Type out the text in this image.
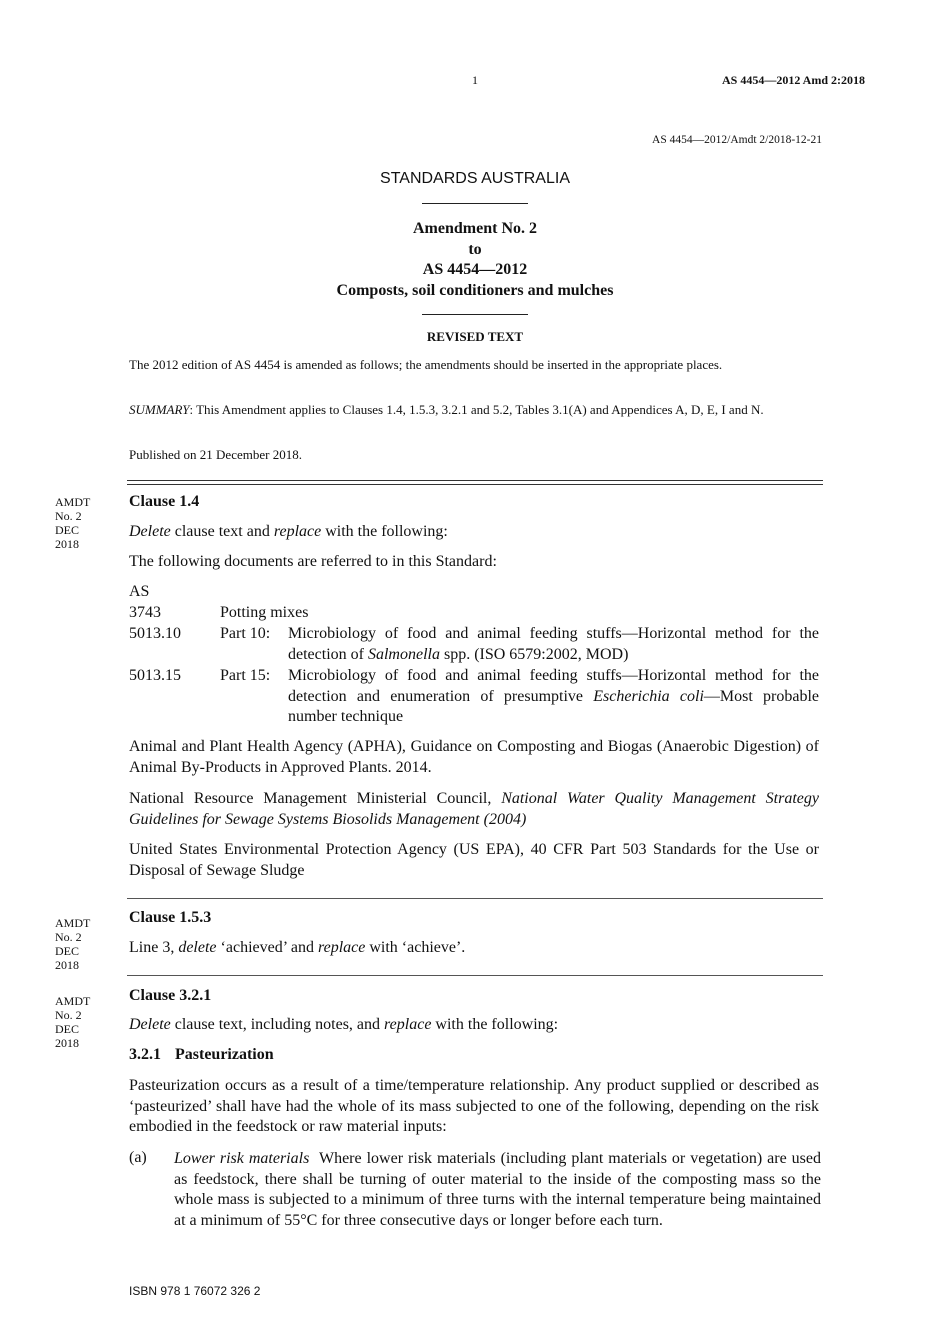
1	AS 4454—2012 Amd 2:2018
AS 4454—2012/Amdt 2/2018-12-21
STANDARDS AUSTRALIA
Amendment No. 2
to
AS 4454—2012
Composts, soil conditioners and mulches
REVISED TEXT
The 2012 edition of AS 4454 is amended as follows; the amendments should be inserted in the appropriate places.
SUMMARY: This Amendment applies to Clauses 1.4, 1.5.3, 3.2.1 and 5.2, Tables 3.1(A) and Appendices A, D, E, I and N.
Published on 21 December 2018.
AMDT
No. 2
DEC
2018
Clause 1.4
Delete clause text and replace with the following:
The following documents are referred to in this Standard:
AS
3743	Potting mixes
5013.10 Part 10: Microbiology of food and animal feeding stuffs—Horizontal method for the detection of Salmonella spp. (ISO 6579:2002, MOD)
5013.15 Part 15: Microbiology of food and animal feeding stuffs—Horizontal method for the detection and enumeration of presumptive Escherichia coli—Most probable number technique
Animal and Plant Health Agency (APHA), Guidance on Composting and Biogas (Anaerobic Digestion) of Animal By-Products in Approved Plants. 2014.
National Resource Management Ministerial Council, National Water Quality Management Strategy Guidelines for Sewage Systems Biosolids Management (2004)
United States Environmental Protection Agency (US EPA), 40 CFR Part 503 Standards for the Use or Disposal of Sewage Sludge
AMDT
No. 2
DEC
2018
Clause 1.5.3
Line 3, delete ‘achieved’ and replace with ‘achieve’.
AMDT
No. 2
DEC
2018
Clause 3.2.1
Delete clause text, including notes, and replace with the following:
3.2.1 Pasteurization
Pasteurization occurs as a result of a time/temperature relationship. Any product supplied or described as ‘pasteurized’ shall have had the whole of its mass subjected to one of the following, depending on the risk embodied in the feedstock or raw material inputs:
(a) Lower risk materials  Where lower risk materials (including plant materials or vegetation) are used as feedstock, there shall be turning of outer material to the inside of the composting mass so the whole mass is subjected to a minimum of three turns with the internal temperature being maintained at a minimum of 55°C for three consecutive days or longer before each turn.
ISBN 978 1 76072 326 2
